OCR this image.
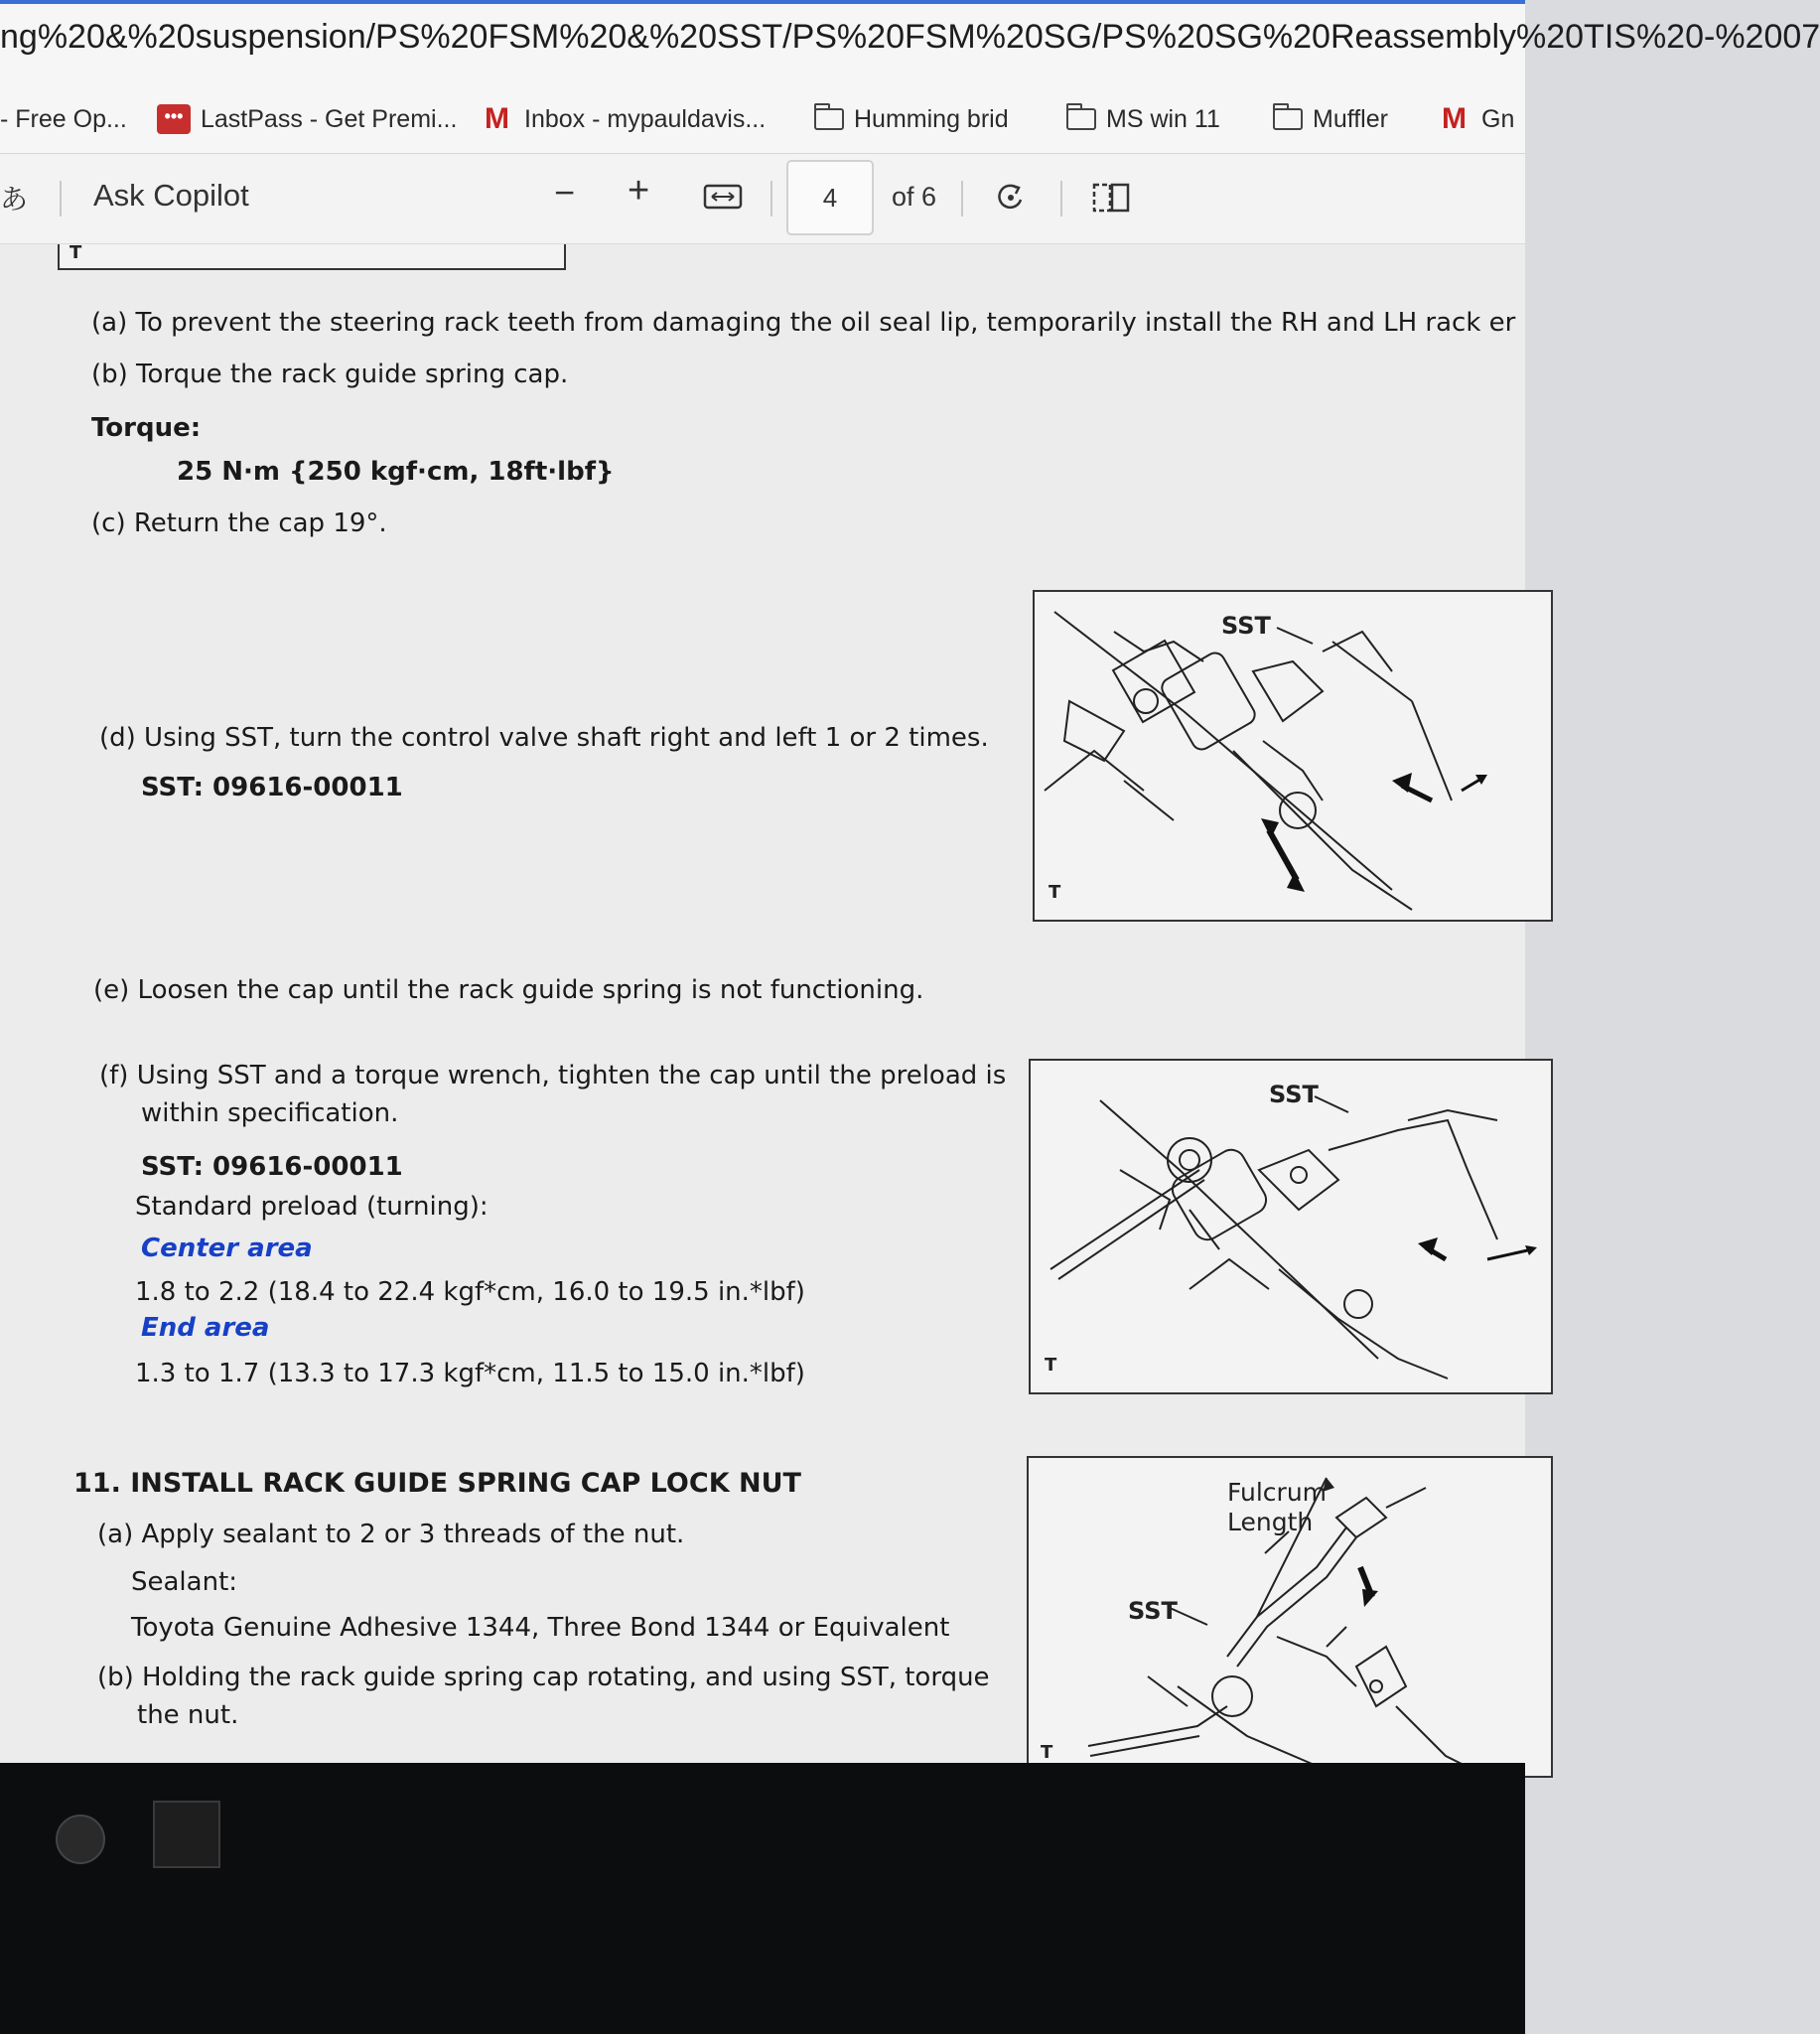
ng%20&%20suspension/PS%20FSM%20&%20SST/PS%20FSM%20SG/PS%20SG%20Reassembly%20TIS%20-%2007
- Free Op...	••• LastPass - Get Premi... M Inbox - mypauldavis...	Humming brid	MS win 11	Muffler M Gn
あ Ask Copilot	− +	4	of 6
T
(a) To prevent the steering rack teeth from damaging the oil seal lip, temporarily install the RH and LH rack er
(b) Torque the rack guide spring cap.
Torque:
25 N·m {250 kgf·cm, 18ft·lbf}
(c) Return the cap 19°.
(d) Using SST, turn the control valve shaft right and left 1 or 2 times.
SST: 09616-00011
(e) Loosen the cap until the rack guide spring is not functioning.
(f) Using SST and a torque wrench, tighten the cap until the preload is
within specification.
SST: 09616-00011
Standard preload (turning):
Center area
1.8 to 2.2 (18.4 to 22.4 kgf*cm, 16.0 to 19.5 in.*lbf)
End area
1.3 to 1.7 (13.3 to 17.3 kgf*cm, 11.5 to 15.0 in.*lbf)
11. INSTALL RACK GUIDE SPRING CAP LOCK NUT
(a) Apply sealant to 2 or 3 threads of the nut.
Sealant:
Toyota Genuine Adhesive 1344, Three Bond 1344 or Equivalent
(b) Holding the rack guide spring cap rotating, and using SST, torque
the nut.
SST
T
SST
T
Fulcrum
Length
SST
T
